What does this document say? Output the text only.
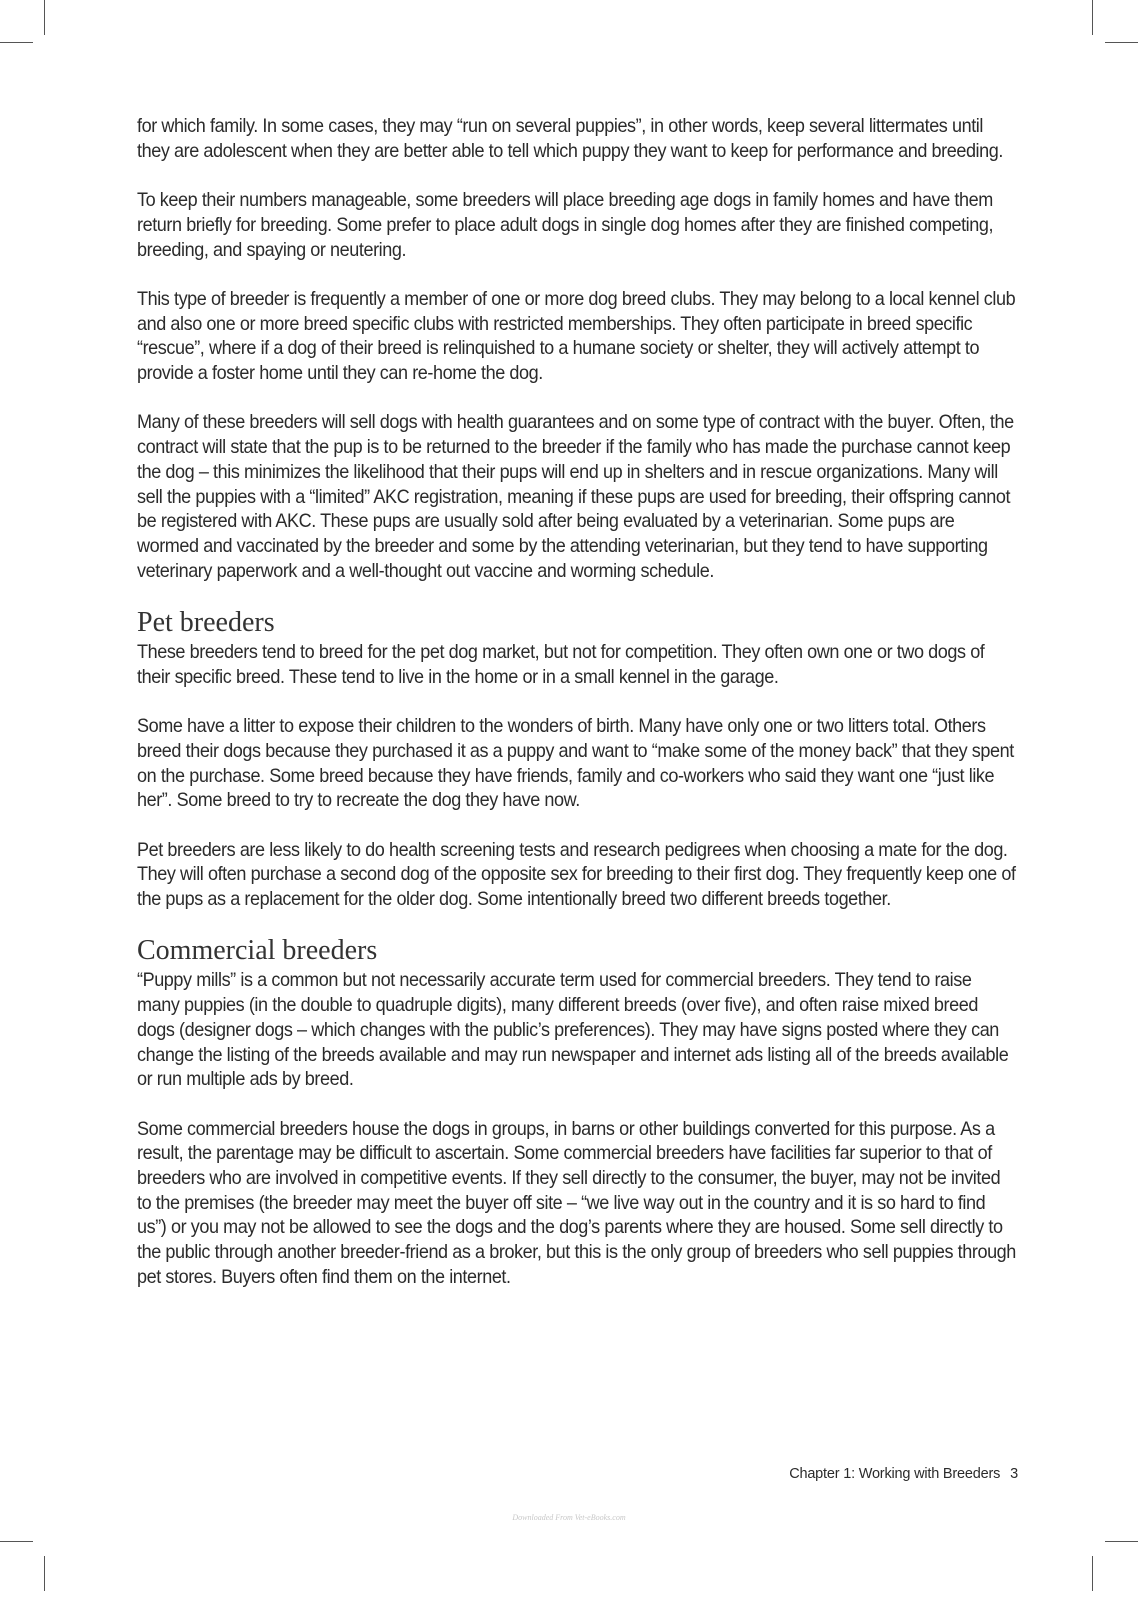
for which family. In some cases, they may “run on several puppies”, in other words, keep several littermates until they are adolescent when they are better able to tell which puppy they want to keep for performance and breeding.

To keep their numbers manageable, some breeders will place breeding age dogs in family homes and have them return briefly for breeding. Some prefer to place adult dogs in single dog homes after they are finished competing, breeding, and spaying or neutering.

This type of breeder is frequently a member of one or more dog breed clubs. They may belong to a local kennel club and also one or more breed specific clubs with restricted memberships. They often participate in breed specific “rescue”, where if a dog of their breed is relinquished to a humane society or shelter, they will actively attempt to provide a foster home until they can re-home the dog.

Many of these breeders will sell dogs with health guarantees and on some type of contract with the buyer. Often, the contract will state that the pup is to be returned to the breeder if the family who has made the purchase cannot keep the dog – this minimizes the likelihood that their pups will end up in shelters and in rescue organizations. Many will sell the puppies with a “limited” AKC registration, meaning if these pups are used for breeding, their offspring cannot be registered with AKC. These pups are usually sold after being evaluated by a veterinarian. Some pups are wormed and vaccinated by the breeder and some by the attending veterinarian, but they tend to have supporting veterinary paperwork and a well-thought out vaccine and worming schedule.

Pet breeders

These breeders tend to breed for the pet dog market, but not for competition. They often own one or two dogs of their specific breed. These tend to live in the home or in a small kennel in the garage.

Some have a litter to expose their children to the wonders of birth. Many have only one or two litters total. Others breed their dogs because they purchased it as a puppy and want to “make some of the money back” that they spent on the purchase. Some breed because they have friends, family and co-workers who said they want one “just like her”. Some breed to try to recreate the dog they have now.

Pet breeders are less likely to do health screening tests and research pedigrees when choosing a mate for the dog. They will often purchase a second dog of the opposite sex for breeding to their first dog. They frequently keep one of the pups as a replacement for the older dog. Some intentionally breed two different breeds together.

Commercial breeders

“Puppy mills” is a common but not necessarily accurate term used for commercial breeders. They tend to raise many puppies (in the double to quadruple digits), many different breeds (over five), and often raise mixed breed dogs (designer dogs – which changes with the public’s preferences). They may have signs posted where they can change the listing of the breeds available and may run newspaper and internet ads listing all of the breeds available or run multiple ads by breed.

Some commercial breeders house the dogs in groups, in barns or other buildings converted for this purpose. As a result, the parentage may be difficult to ascertain. Some commercial breeders have facilities far superior to that of breeders who are involved in competitive events. If they sell directly to the consumer, the buyer, may not be invited to the premises (the breeder may meet the buyer off site – “we live way out in the country and it is so hard to find us”) or you may not be allowed to see the dogs and the dog’s parents where they are housed. Some sell directly to the public through another breeder-friend as a broker, but this is the only group of breeders who sell puppies through pet stores. Buyers often find them on the internet.

Chapter 1: Working with Breeders 3
Downloaded From Vet-eBooks.com
